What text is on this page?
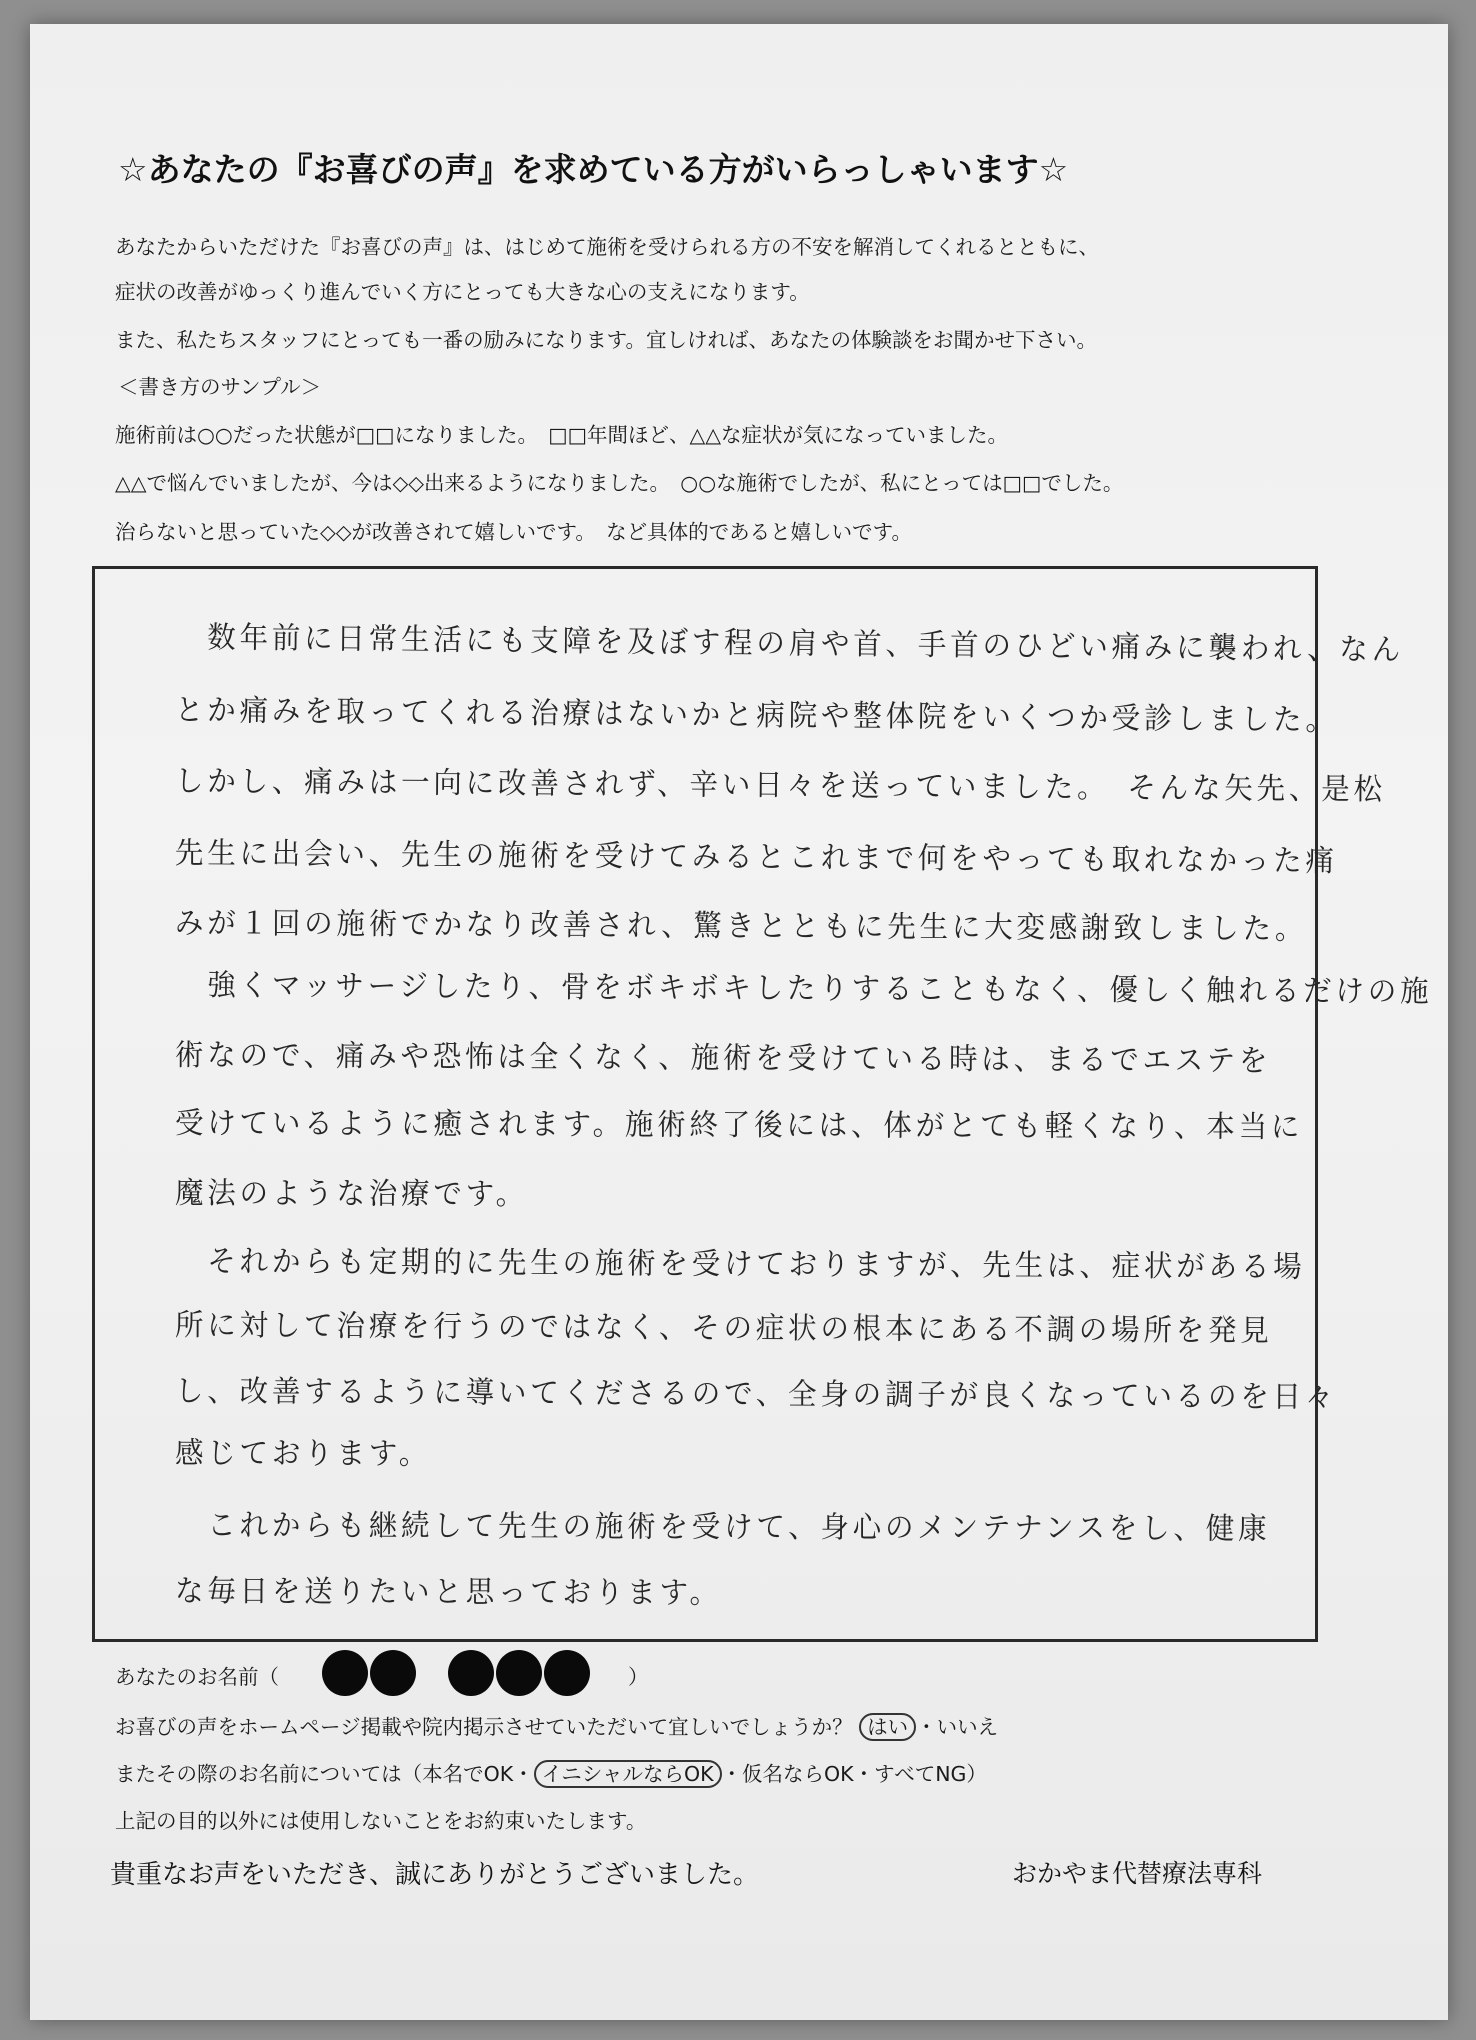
☆あなたの『お喜びの声』を求めている方がいらっしゃいます☆
あなたからいただけた『お喜びの声』は、はじめて施術を受けられる方の不安を解消してくれるとともに、
症状の改善がゆっくり進んでいく方にとっても大きな心の支えになります。
また、私たちスタッフにとっても一番の励みになります。宜しければ、あなたの体験談をお聞かせ下さい。
＜書き方のサンプル＞
施術前は○○だった状態が□□になりました。　□□年間ほど、△△な症状が気になっていました。
△△で悩んでいましたが、今は◇◇出来るようになりました。　○○な施術でしたが、私にとっては□□でした。
治らないと思っていた◇◇が改善されて嬉しいです。　など具体的であると嬉しいです。
　数年前に日常生活にも支障を及ぼす程の肩や首、手首のひどい痛みに襲われ、なん
とか痛みを取ってくれる治療はないかと病院や整体院をいくつか受診しました。
しかし、痛みは一向に改善されず、辛い日々を送っていました。　そんな矢先、是松
先生に出会い、先生の施術を受けてみるとこれまで何をやっても取れなかった痛
みが１回の施術でかなり改善され、驚きとともに先生に大変感謝致しました。
　強くマッサージしたり、骨をボキボキしたりすることもなく、優しく触れるだけの施
術なので、痛みや恐怖は全くなく、施術を受けている時は、まるでエステを
受けているように癒されます。施術終了後には、体がとても軽くなり、本当に
魔法のような治療です。
　それからも定期的に先生の施術を受けておりますが、先生は、症状がある場
所に対して治療を行うのではなく、その症状の根本にある不調の場所を発見
し、改善するように導いてくださるので、全身の調子が良くなっているのを日々
感じております。
　これからも継続して先生の施術を受けて、身心のメンテナンスをし、健康
な毎日を送りたいと思っております。
あなたのお名前（	）
お喜びの声をホームページ掲載や院内掲示させていただいて宜しいでしょうか？ はい ・いいえ
またその際のお名前については（本名でOK・ イニシャルならOK ・仮名ならOK・すべてNG）
上記の目的以外には使用しないことをお約束いたします。
貴重なお声をいただき、誠にありがとうございました。	おかやま代替療法専科
